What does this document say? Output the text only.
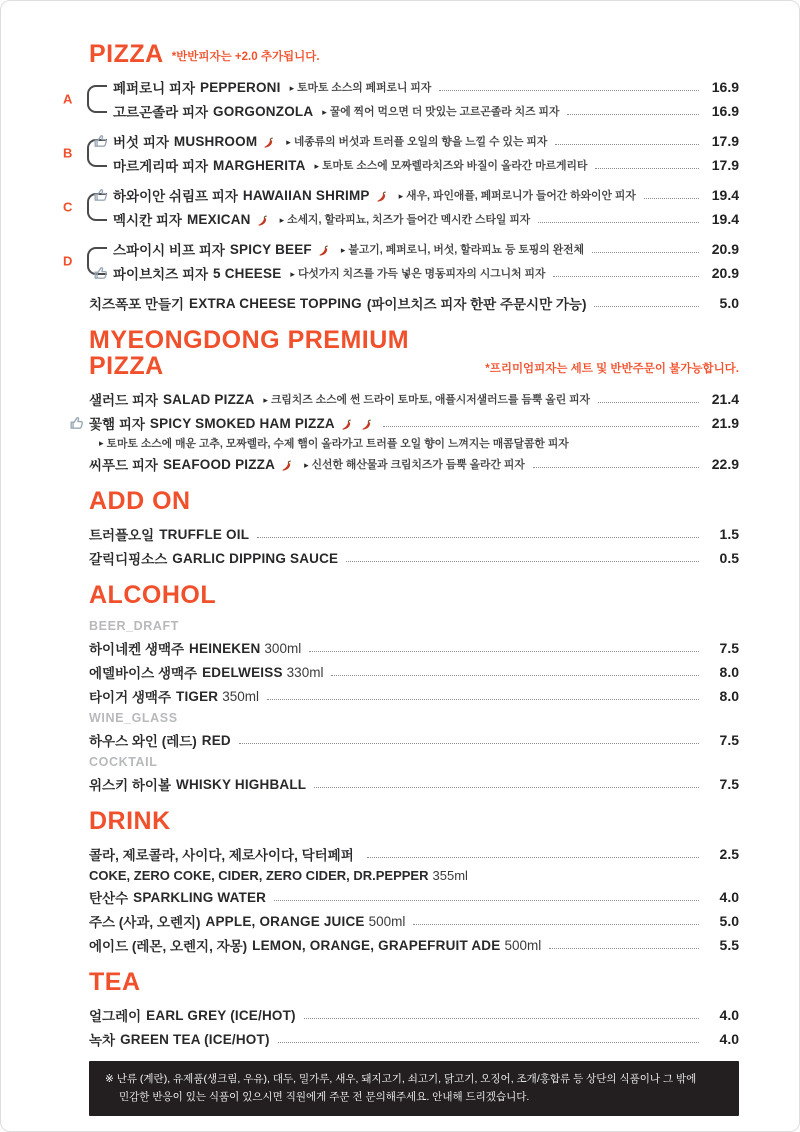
PIZZA *반반피자는 +2.0 추가됩니다.
A
페퍼로니 피자 PEPPERONI ▸ 토마토 소스의 페퍼로니 피자	16.9
고르곤졸라 피자 GORGONZOLA ▸ 꿀에 찍어 먹으면 더 맛있는 고르곤졸라 치즈 피자	16.9
B
버섯 피자 MUSHROOM	▸ 네종류의 버섯과 트러플 오일의 향을 느낄 수 있는 피자	17.9
마르게리따 피자 MARGHERITA ▸ 토마토 소스에 모짜렐라치즈와 바질이 올라간 마르게리타	17.9
C
하와이안 쉬림프 피자 HAWAIIAN SHRIMP	▸ 새우, 파인애플, 페퍼로니가 들어간 하와이안 피자	19.4
멕시칸 피자 MEXICAN	▸ 소세지, 할라피뇨, 치즈가 들어간 멕시칸 스타일 피자	19.4
D
스파이시 비프 피자 SPICY BEEF	▸ 불고기, 페퍼로니, 버섯, 할라피뇨 등 토핑의 완전체	20.9
파이브치즈 피자 5 CHEESE ▸ 다섯가지 치즈를 가득 넣은 명동피자의 시그니처 피자	20.9
치즈폭포 만들기 EXTRA CHEESE TOPPING (파이브치즈 피자 한판 주문시만 가능)	5.0
MYEONGDONG PREMIUM PIZZA	*프리미엄피자는 세트 및 반반주문이 불가능합니다.
샐러드 피자 SALAD PIZZA ▸ 크림치즈 소스에 썬 드라이 토마토, 애플시저샐러드를 듬뿍 올린 피자	21.4
꽃햄 피자 SPICY SMOKED HAM PIZZA	21.9
▸ 토마토 소스에 매운 고추, 모짜렐라, 수제 햄이 올라가고 트러플 오일 향이 느껴지는 매콤달콤한 피자
씨푸드 피자 SEAFOOD PIZZA	▸ 신선한 해산물과 크림치즈가 듬뿍 올라간 피자	22.9
ADD ON
트러플오일 TRUFFLE OIL	1.5
갈릭디핑소스 GARLIC DIPPING SAUCE	0.5
ALCOHOL
BEER_DRAFT
하이네켄 생맥주 HEINEKEN 300ml	7.5
에델바이스 생맥주 EDELWEISS 330ml	8.0
타이거 생맥주 TIGER 350ml	8.0
WINE_GLASS
하우스 와인 (레드) RED	7.5
COCKTAIL
위스키 하이볼 WHISKY HIGHBALL	7.5
DRINK
콜라, 제로콜라, 사이다, 제로사이다, 닥터페퍼	2.5
COKE, ZERO COKE, CIDER, ZERO CIDER, DR.PEPPER 355ml
탄산수 SPARKLING WATER	4.0
주스 (사과, 오렌지) APPLE, ORANGE JUICE 500ml	5.0
에이드 (레몬, 오렌지, 자몽) LEMON, ORANGE, GRAPEFRUIT ADE 500ml	5.5
TEA
얼그레이 EARL GREY (ICE/HOT)	4.0
녹차 GREEN TEA (ICE/HOT)	4.0
※ 난류 (계란), 유제품(생크림, 우유), 대두, 밀가루, 새우, 돼지고기, 쇠고기, 닭고기, 오징어, 조개/홍합류 등 상단의 식품이나 그 밖에
민감한 반응이 있는 식품이 있으시면 직원에게 주문 전 문의해주세요. 안내해 드리겠습니다.
